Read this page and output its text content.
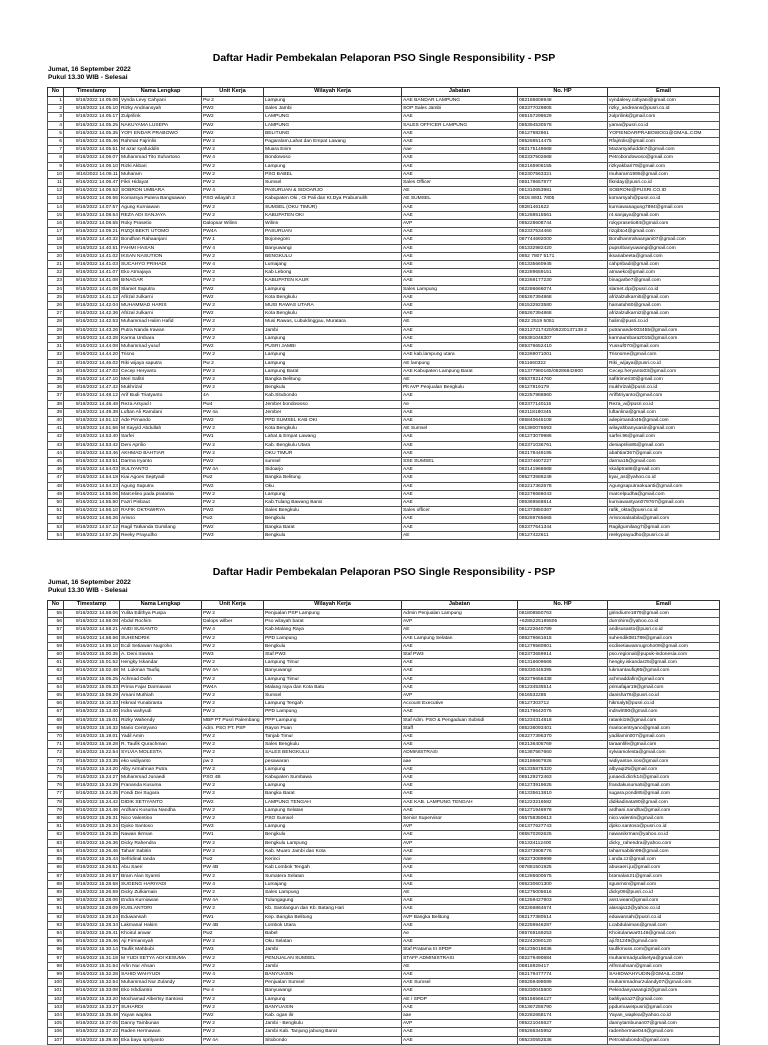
Daftar Hadir Pembekalan Pelaporan PSO Single Responsibility - PSP
Jumat, 16 September 2022
Pukul 13.30 WIB - Selesai
No	Timestamp	Nama Lengkap	Unit Kerja	Wilayah Kerja	Jabatan	No. HP	Email
1	9/16/2022 14.05.06	Vynda Levy Cahyani	Pw 2	Lampung	AAE BANDAR LAMPUNG	082186606948	vyndalevy.cahyani@gmail.com
2	9/16/2022 14.05.10	Rizky Andriansyah	PW2	Sales Jambi	SOP Sales Jambi	082377029805	rizky_andreans@pusri.co.id
3	9/16/2022 14.05.17	Zulprilink	PW2	LAMPUNG	AAE	085157298629	zulprilink@gmail.com
4	9/16/2022 14.05.25	NAKUYAMA LUSEPA	PW2	LAMPUNG	SALES OFFICER LAMPUNG	085394530578	yama@pusri.co.id
5	9/16/2022 14.05.35	YOFI ENDAR PRABOWO	PW2	BELITUNG	AAE	08127982861	YOFIENDARPRABOWO01@GMAIL.COM
6	9/16/2022 14.05.46	Rahmat Fajrinlis	PW 2	Pagaralam,Lahat dan Empat Lawang	AAE	085268514475	Rfajrinlis@gmail.com
7	9/16/2022 14.05.51	M azar syafuiddin	PW 2	Muara Enim	Aae	082175149668	Mazarsyafuiddin7@gmail.com
8	9/16/2022 14.06.07	Muhammad Tito Suhartono	PW 4	Bondowoso	AAE	082337502668	Petrobondowoso@gmail.com
9	9/16/2022 14.06.10	Rizki Akbari	PW 2	Lampung	AAE	082165906155	rizkyakbari79@gmail.com
10	9/16/2022 14.06.11	Muharam	PW 2	PSO BABEL	AAE	082307563321	muharam1995@gmail.com
11	9/16/2022 14.06.47	Fikri Hidayat	PW 2	Sumsel	Sales Officer	085178657877	fikriday@pusri.co.id
12	9/16/2022 14.06.52	SOBRON UMBARA	PW 4	PASURUAN & SIDOARJO	AE	081310653981	SOBRONI@PUSRI.CO.ID
13	9/16/2022 14.06.55	Komarsya Putera Bangsawan	PSO wilayah 2	Kabupaten Oki , Oi Pali dan Kt.Dya Prabumulih	AE SUMSEL	0815 8931 7805	komarsyah@pusri.co.id
14	9/16/2022 14.07.57	Agung Kurniawan	PW 2	SUMSEL (OKU TIMUR)	AAE	08281461622	kurniawanagung7894@gmail.com
15	9/16/2022 14.08.54	REZA ADI SANJAYA	PW 2	KABUPATEN OKI	AAE	081268515561	r4.sanjaya@gmail.com
16	9/16/2022 14.08.55	Roky Prasetio	Dalopsar Wilinn	Wilinn	AVP	085228608744	rokyprasetio84@gmail.com
17	9/16/2022 14.09.21	RIZQI BEKTI UTOMO	PW4A	PASURUAN	AAE	082337534460	rizqibto4@gmail.com
18	9/16/2022 14.40.32	Bondhan Rahaanjani	PW 1	Bojonegoro	AAE	087744692000	Bondhanrrahaanjani07@gmail.com
19	9/16/2022 14.40.51	FAHMI HASAN	PW 4	Banyuwangi	AAE	081332982420	pupsribanyuwangi@gmail.com
20	9/16/2022 14.41.02	IKSAN NASUTION	PW 2	BENGKULU	AAE	0852 7807 5171	iksanabeeta@gmail.com
21	9/16/2022 14.41.03	SUCAHYO PRIHADI	PW 4	Lumajang	AAE	081335660945	cahpribadi@gmail.com
22	9/16/2022 14.41.07	Eko Atmajaya	PW 2	Kab Lebong	AAE	082289659151	atmaeko@gmail.com
23	9/16/2022 14.41.08	BINAGAR	PW 2	KABUPATEN KAUR	AAE	082269177230	binagarbe7@gmail.com
24	9/16/2022 14.41.08	Slamet Saputra	PW2	Lampung	Sales Lampung	082286666074	slamet.clp@pusri.co.id
25	9/16/2022 14.41.12	Afrizal zulkarni	PW2	Kota Bengkulu	AAE	085267394868	afrizalzulkarni5@gmail.com
26	9/16/2022 14.42.04	MUHAMMAD HARIS	PW 2	MUSI RAWAS UTARA	AAE	081532923580	hamatuh60@gmail.com
27	9/16/2022 14.42.36	Afrizal zulkarni	PW2	Kota Bengkulu	AAE	085267394868	afrizalzulkarni2@gmail.com
28	9/16/2022 14.42.53	Muhammad Halim Hafid	PW 2	Musi Rawas, Lubuklinggau, Muratara	AE	0822 2519 5051	halim@pusri.co.id
29	9/16/2022 14.43.26	Putra Nanda Irawan	PW 2	Jambi	AAE	082127217420/08230137138 2	putranande003455@gmail.com
30	9/16/2022 14.43.28	Karma Umbara	PW 2	Lampung	AAE	085381046307	karmaumbara2015@gmail.com
31	9/16/2022 14.44.08	Muhammad yusuf	PW2	PUSRI JAMBI	AAE	085376652410	Yussuf070@gmail.com
32	9/16/2022 14.44.20	Trisno	PW 2	Lampung	AAE kab.lampung utara	082269071001	Trisnome@gmail.com
33	9/16/2022 14.46.02	Riki wijaya saputra	Pw 2	Lampung	AE lampung	0811660322	Riki_wijaya@pusri.co.id
34	9/16/2022 14.47.02	Cecep Heryanto	PW 2	Lampung Barat	AAE Kabupaten Lampung Barat	081377980165/08286842800	Cecep.heryanto03@gmail.com
35	9/16/2022 14.47.10	Meri Safitri	PW 2	Bangka Belitung	AE	085378214760	safitrimeri30@gmail.com
36	9/16/2022 14.47.42	Mukhrizal	PW 2	Bengkulu	Plt AVP Penjualan Bengkulu	08127819179	mukhrizal@pusri.co.id
37	9/16/2022 14.48.12	Arif Budi Triatyanto	4A	Kab.Situbondo	AAE	082257986860	Arifbtriyanto@gmail.com
38	9/16/2022 14.48.48	Reza Arsyad I	Pw4	Jember bondowoso	Ae	082377140115	Reza_a@pusri.co.id
39	9/16/2022 14.49.38	Luftan Ali Ramdani	PW 4a	Jember	AAE	082118180345	luftanlina@gmail.com
40	9/16/2022 14.51.12	Ade Pirnando	PW2	PPD SUMSEL KAB OKI	AAE	085840646108	adepimando45@gmail.com
41	9/16/2022 14.51.56	M Sayyid Abdullah	PW 2	Kota Bengkulu	AE Sumsel	081380076593	wilayahbanyuasin@gmail.com
42	9/16/2022 14.53.40	Sarfei	PW1	Lahat & Empat Lawang	AAE	081273079986	sarfei.96@gmail.com
43	9/16/2022 14.53.42	Deni Aprilio	PW 2	Kab. Bengkulu Utara	AAE	082371036761	deniaprilio85@gmail.com
44	9/16/2022 14.53.46	AKHMAD BAHTIAR	PW 2	OKU TIMUR	AAE	082178449195	abahtiar367@gmail.com
45	9/16/2022 14.53.51	Darma Iryanto	PW2	sumsel	SSE SUMSEL	082374607227	darma15@gmail.com
46	9/16/2022 14.54.03	SULIYANTO	PW 4A	Sidoarjo	AAE	082141966668	skaliptra68@gmail.com
47	9/16/2022 14.54.18	Kiai Agoes Septyadi	Pw2	Bangka Belitung	AAE	085273586248	kyai_as@yahoo.co.id
48	9/16/2022 14.54.23	Agung Saputra	PW2	Oku	AAE	082217362678	Agungsaputraokuanti@gmail.com
49	9/16/2022 14.55.06	Marcelino pada pratama	PW 2	Lampung	AAE	082278666043	marcelpudha@gmail.com
50	9/16/2022 14.55.50	Fazri Pinbaut	PW 2	Kab.Tulang Bawang Barat	AAE	085369568814	kurniawantyan079767@gmail.com
51	9/16/2022 14.56.10	RAFIK OKTAWIRYA	PW2	Sales Bengkulu	Sales officer	081373850367	rafik_okta@pusri.co.id
52	9/16/2022 14.56.26	Arisno	Pw2	Bengkulu	AAE	085269765665	Arisnosalsabila@gmail.com
53	9/16/2022 14.57.12	Ragil Tatkanda Gumilang	PW2	Bangka Barat	AAE	082377641344	Ragilgumilang7@gmail.com
54	9/16/2022 14.57.25	Reeky Prayudho	PW3	Bengkulu	AE	08127422611	reekyprayudho@pusri.co.id
Daftar Hadir Pembekalan Pelaporan PSO Single Responsibility - PSP
Jumat, 16 September 2022
Pukul 13.30 WIB - Selesai
No	Timestamp	Nama Lengkap	Unit Kerja	Wilayah Kerja	Jabatan	No. HP	Email
55	9/16/2022 14.58.06	Yulita Edithya Puspa	PW 2	Penjualan PSP Lampung	Admin Penjualan Lampung	081808550763	girindiurre1879@gmail.com
56	9/16/2022 14.58.08	Abdul Rochim	Dalops wilber	Pso wilayah barat	AVP	+6285225185505	durrohim@yahoo.co.id
57	9/16/2022 14.58.21	ANDI SUSANTO	PW 4	Kab.Malang Raya	AE	081222640789	andisusanto@pusri.co.id
58	9/16/2022 14.58.56	SUHENDRIK	PW 2	PPD Lampung	AAE Lampung Selatan	085279661615	suhendik081789@gmail.com
59	9/16/2022 14.59.10	Ecdi Setiawan Nugroho	PW 2	Bengkulu	AAE	081279580801	ecdisetiawannugroho09@gmail.com
60	9/16/2022 15.00.35	A. Deni Irawna	PW3	Staf PW3	Staf PW3	082373659914	pso.regional@pupuk-indonesia.com
61	9/16/2022 15.01.52	Hengky Iskandar	PW 2	Lampung Timur	AAE	081316609666	hengky.iskandar25@gmail.com
62	9/16/2022 15.02.48	M. Lukman Taufiq	PW 4A	Banyuwangi	AAE	085330445395	lukmantaufiq95@gmail.com
63	9/16/2022 15.05.25	Achmad Dafin	PW 2	Lampung Timur	AAE	082279656338	achmaddafin@gmail.com
64	9/16/2022 15.05.33	Prima Fajar Darmawan	PW4A	Malang raya dan Kota Batu	AAE	081234535514	primafajar19@gmail.com
65	9/16/2022 15.08.29	Amani Muthiah	PW 2	Sumsel	AVP	0816532285	danisha76@pusri.co.id
66	9/16/2022 15.10.33	Hikmal Yunabranta	PW 2	Lampung Tengah	Account Executive	08127303712	hikmalyt@pusri.co.id
67	9/16/2022 15.13.40	Indra wahyudi	PW 2	PPD Lampung	AAE	082179642076	indrwlrt90@gmail.com
68	9/16/2022 15.15.01	Rizky Wahendy	MBP PT Pusri Palembang	PPP Lampung	Staf Adm. PSO & Pengaduan Subsidi	081234314818	ratanki19@gmail.com
69	9/16/2022 15.16.32	Mario Centryano	Adm. PSO PT. PSP	Rayon Puan	Staff	085236093401	mariocentryano@gmail.com
70	9/16/2022 15.19.01	Yadil Amin	PW 2	Tanjab Timur	AAE	082277396370	yadilamin007@gmail.com
71	9/16/2022 15.19.28	R. Taufik Qurachman	PW 2	Sales Bengkulu	AAE	082136405769	taraanlife@gmail.com
72	9/16/2022 15.22.54	SYLVIA MOLESTA	PW 2	SALES BENGKULU	ADMINISTRASI	081387567660	sylviamolesta@gmail.com
73	9/16/2022 15.23.35	eko widiyanto	pw 2	pesawaran	aae	082186667926	widiyantoe.sos@gmail.com
74	9/16/2022 15.24.20	Alby Armahnan Putra	PW 2	Lampung	AAE	081335875320	albyaqi25@gmail.com
75	9/16/2022 15.24.27	Muhammad Junaedi	PSO 4B	Kabupaten Sumbawa	AAE	085129272463	junaedi.dicrk14@gmail.com
76	9/16/2022 15.24.29	Frananda Kusuma	PW 2	Lampung	AAE	081273919625	frandakusuma5@gmail.com
77	9/16/2022 15.24.35	Fondi Dei Sugara	PW 2	Bangka Barat	AAE	081335613810	sugara.pondi85@gmail.com
78	9/16/2022 15.24.42	DIDIK SETIYANTO	PW2	LAMPUNG TENGAH	AAE KAB. LAMPUNG TENGAH	081223216582	didikadinata90@gmail.com
79	9/16/2022 15.24.46	Ardhani Kusuma Nandha	PW 2	Lampung Selatan	AAE	081271946978	ardhani.nandha@gmail.com
80	9/16/2022 15.25.31	Nico Valentino	PW 2	PSO Sumsel	Senior Supervisor	085758350613	nico.valentin@gmail.com
81	9/16/2022 15.25.34	Djoko Santoso	PW3	Lampung	AVP	081377627743	djoko.santoso@pusri.co.id
82	9/16/2022 15.25.35	Nawan Ikrman	PW1	Bengkulu	AAE	085570292625	nawanikrman@yahoo.co.id
83	9/16/2022 15.26.36	Dicky Rahendra	PW 2	Bengkulu Lampung	AVP	081334112400	dicky_rahendra@yahoo.com
84	9/16/2022 15.26.46	Taharr Sabitin	PW 2	Kab. Muaro Jambi dan Kota	AAE	082373908776	taharrsabitin99@gmail.com
85	9/16/2022 15.25.44	Sefridinal Ianda	Pw2	Kerinci	Aae	082273089999	i.anda.cz@gmail.com
86	9/16/2022 15.26.51	Abu Saeri	PW 4B	Kab Lombok Tengah	AAE	087881501925	abusaeri.ju@gmail.com
87	9/16/2022 15.26.57	Bram Alan Syamti	PW 2	Sumatera Selatan	AAE	081285600675	bramalan21@gmail.com
88	9/16/2022 15.28.58	SUGENG HARIYADI	PW 4	Lumajang	AAE	085230601300	sgusrnsn@gmail.com
89	9/16/2022 15.26.59	Dicky Zulkarnain	PW 2	Sales Lampung	AE	081275005616	dicky09@pusri.co.id
90	9/16/2022 15.28.06	Endra Kurniawan	PW 4A	Tulungagung	AAE	081259427903	asst.wean@gmail.com
91	9/16/2022 15.28.09	KUSLANTORI	PW 2	Kb. Sarolangun dan Kb. Batang Hari	AAE	082266864674	alanaja12@yahoo.co.id
92	9/16/2022 15.28.24	Eduwansah	PW1	Kep. Bangka Belitung	AVP Bangka Belitung	082177380514	eduwansah@pusri.co.id
93	9/16/2022 15.28.34	Lakmanal Hakim	PW 4B	Lombok Utara	AAE	082259946287	Lcabdulaiman@gmail.com
94	9/16/2022 15.29.41	Khoirul anwar	Pw2	Babel	Ae	085769169253	Khoirulanwar0146@gmail.com
95	9/16/2022 15.29.46	Aji Firmansyah	PW 2	Oku Selatan	AAE	082242090120	aji.f01249@gmail.com
96	9/16/2022 15.30.14	Taufik Mahbubi	PW3	Jambi	Staf Pratama III SPDP	081235018636	taufikmuss.com@gmail.com
97	9/16/2022 15.31.18	M YUDI SETYA ADI KESUMA	PW 2	PENJUALAN SUMSEL	STAFF ADMINISTRASI	082279490684	muhammadyudisetya@gmail.com
98	9/16/2022 15.31.54	Arlin Nur Ahsan	PW 2	Jambi	AE	08816929417	Alfnmahsan@gmail.com
99	9/16/2022 15.32.28	SAHID WAHYUDI	PW 4	BANYUASIN	AAE	082179477774	SAHIDWAHYUDIN@GMAIL.COM
100	9/16/2022 15.32.54	Muhammad Nur Zulandy	PW 2	Penjualan Sumsel	AAE Sumsel	085269498699	muhammadnurzulandy07@gmail.com
101	9/16/2022 15.33.08	Eko Ishdiantro	Pw 4	Banyuwangi	AAE	085330045800	Pekindanyuwangi2@gmail.com
102	9/16/2022 15.33.20	Mochamad Albertsy Santoso	PW 2	Lampung	AE / SPDP	085156566127	bahliyana27@gmail.com
103	9/16/2022 15.33.27	SUHARDI	PW 2	BANYUASIN	AAE	081367255790	ppdumuwetpusri@gmail.com
104	9/16/2022 15.35.48	Yayan waplea	PW2	Kab. ogan ilir	aae	082282658174	Yayan_waplea@yahoo.co.id
105	9/16/2022 15.37.05	Danny Tambunan	PW 2	Jambi - Bengkulu	AVP	085221046527	dannytambunan07@gmail.com
106	9/16/2022 15.37.22	Raden Hermawan	PW 2	Jambi Kab. Tanjung jabung Barat	AAE	085266345952	radenhermae044@gmail.com
107	9/16/2022 15.39.40	Eka bayu sprilyanto	PW 4A	Situbondo	AAE	085230552536	Petrositubondo@gmail.com
